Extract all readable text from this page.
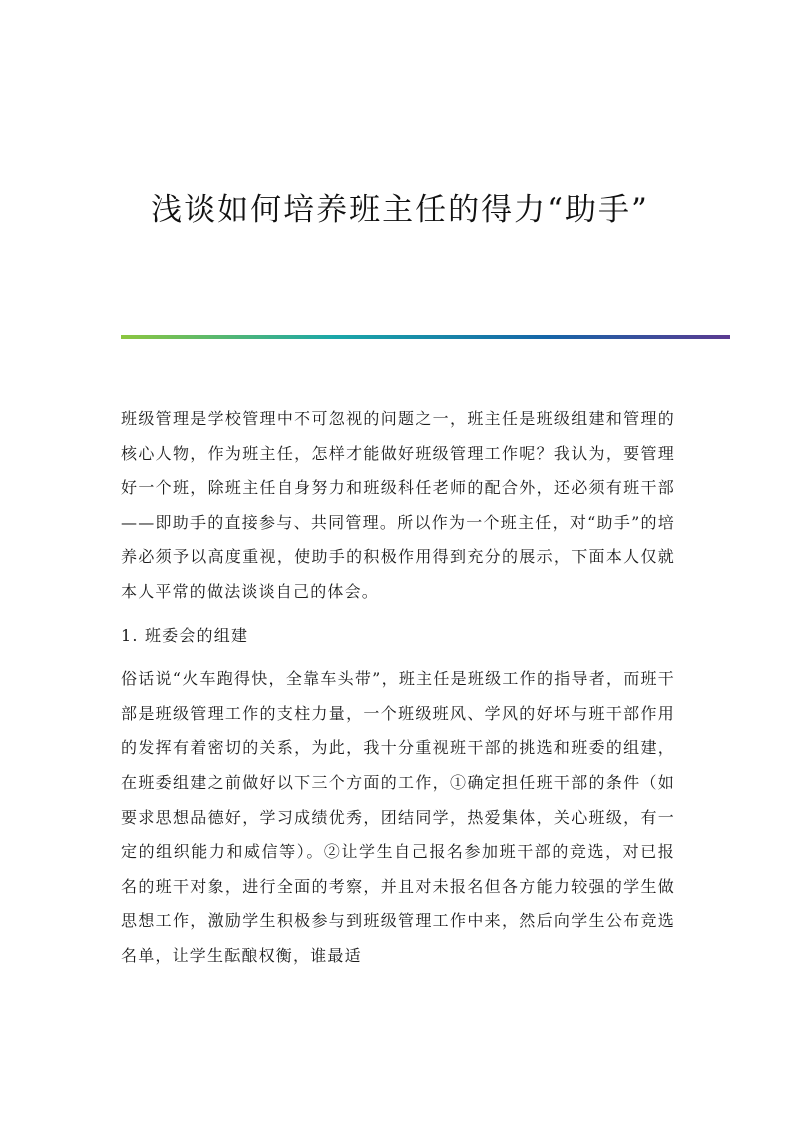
浅谈如何培养班主任的得力“助手”

班级管理是学校管理中不可忽视的问题之一，班主任是班级组建和管理的核心人物，作为班主任，怎样才能做好班级管理工作呢？我认为，要管理好一个班，除班主任自身努力和班级科任老师的配合外，还必须有班干部——即助手的直接参与、共同管理。所以作为一个班主任，对“助手”的培养必须予以高度重视，使助手的积极作用得到充分的展示，下面本人仅就本人平常的做法谈谈自己的体会。

1. 班委会的组建

俗话说“火车跑得快，全靠车头带”，班主任是班级工作的指导者，而班干部是班级管理工作的支柱力量，一个班级班风、学风的好坏与班干部作用的发挥有着密切的关系，为此，我十分重视班干部的挑选和班委的组建，在班委组建之前做好以下三个方面的工作，①确定担任班干部的条件（如要求思想品德好，学习成绩优秀，团结同学，热爱集体，关心班级，有一定的组织能力和威信等）。②让学生自己报名参加班干部的竞选，对已报名的班干对象，进行全面的考察，并且对未报名但各方能力较强的学生做思想工作，激励学生积极参与到班级管理工作中来，然后向学生公布竞选名单，让学生酝酿权衡，谁最适
